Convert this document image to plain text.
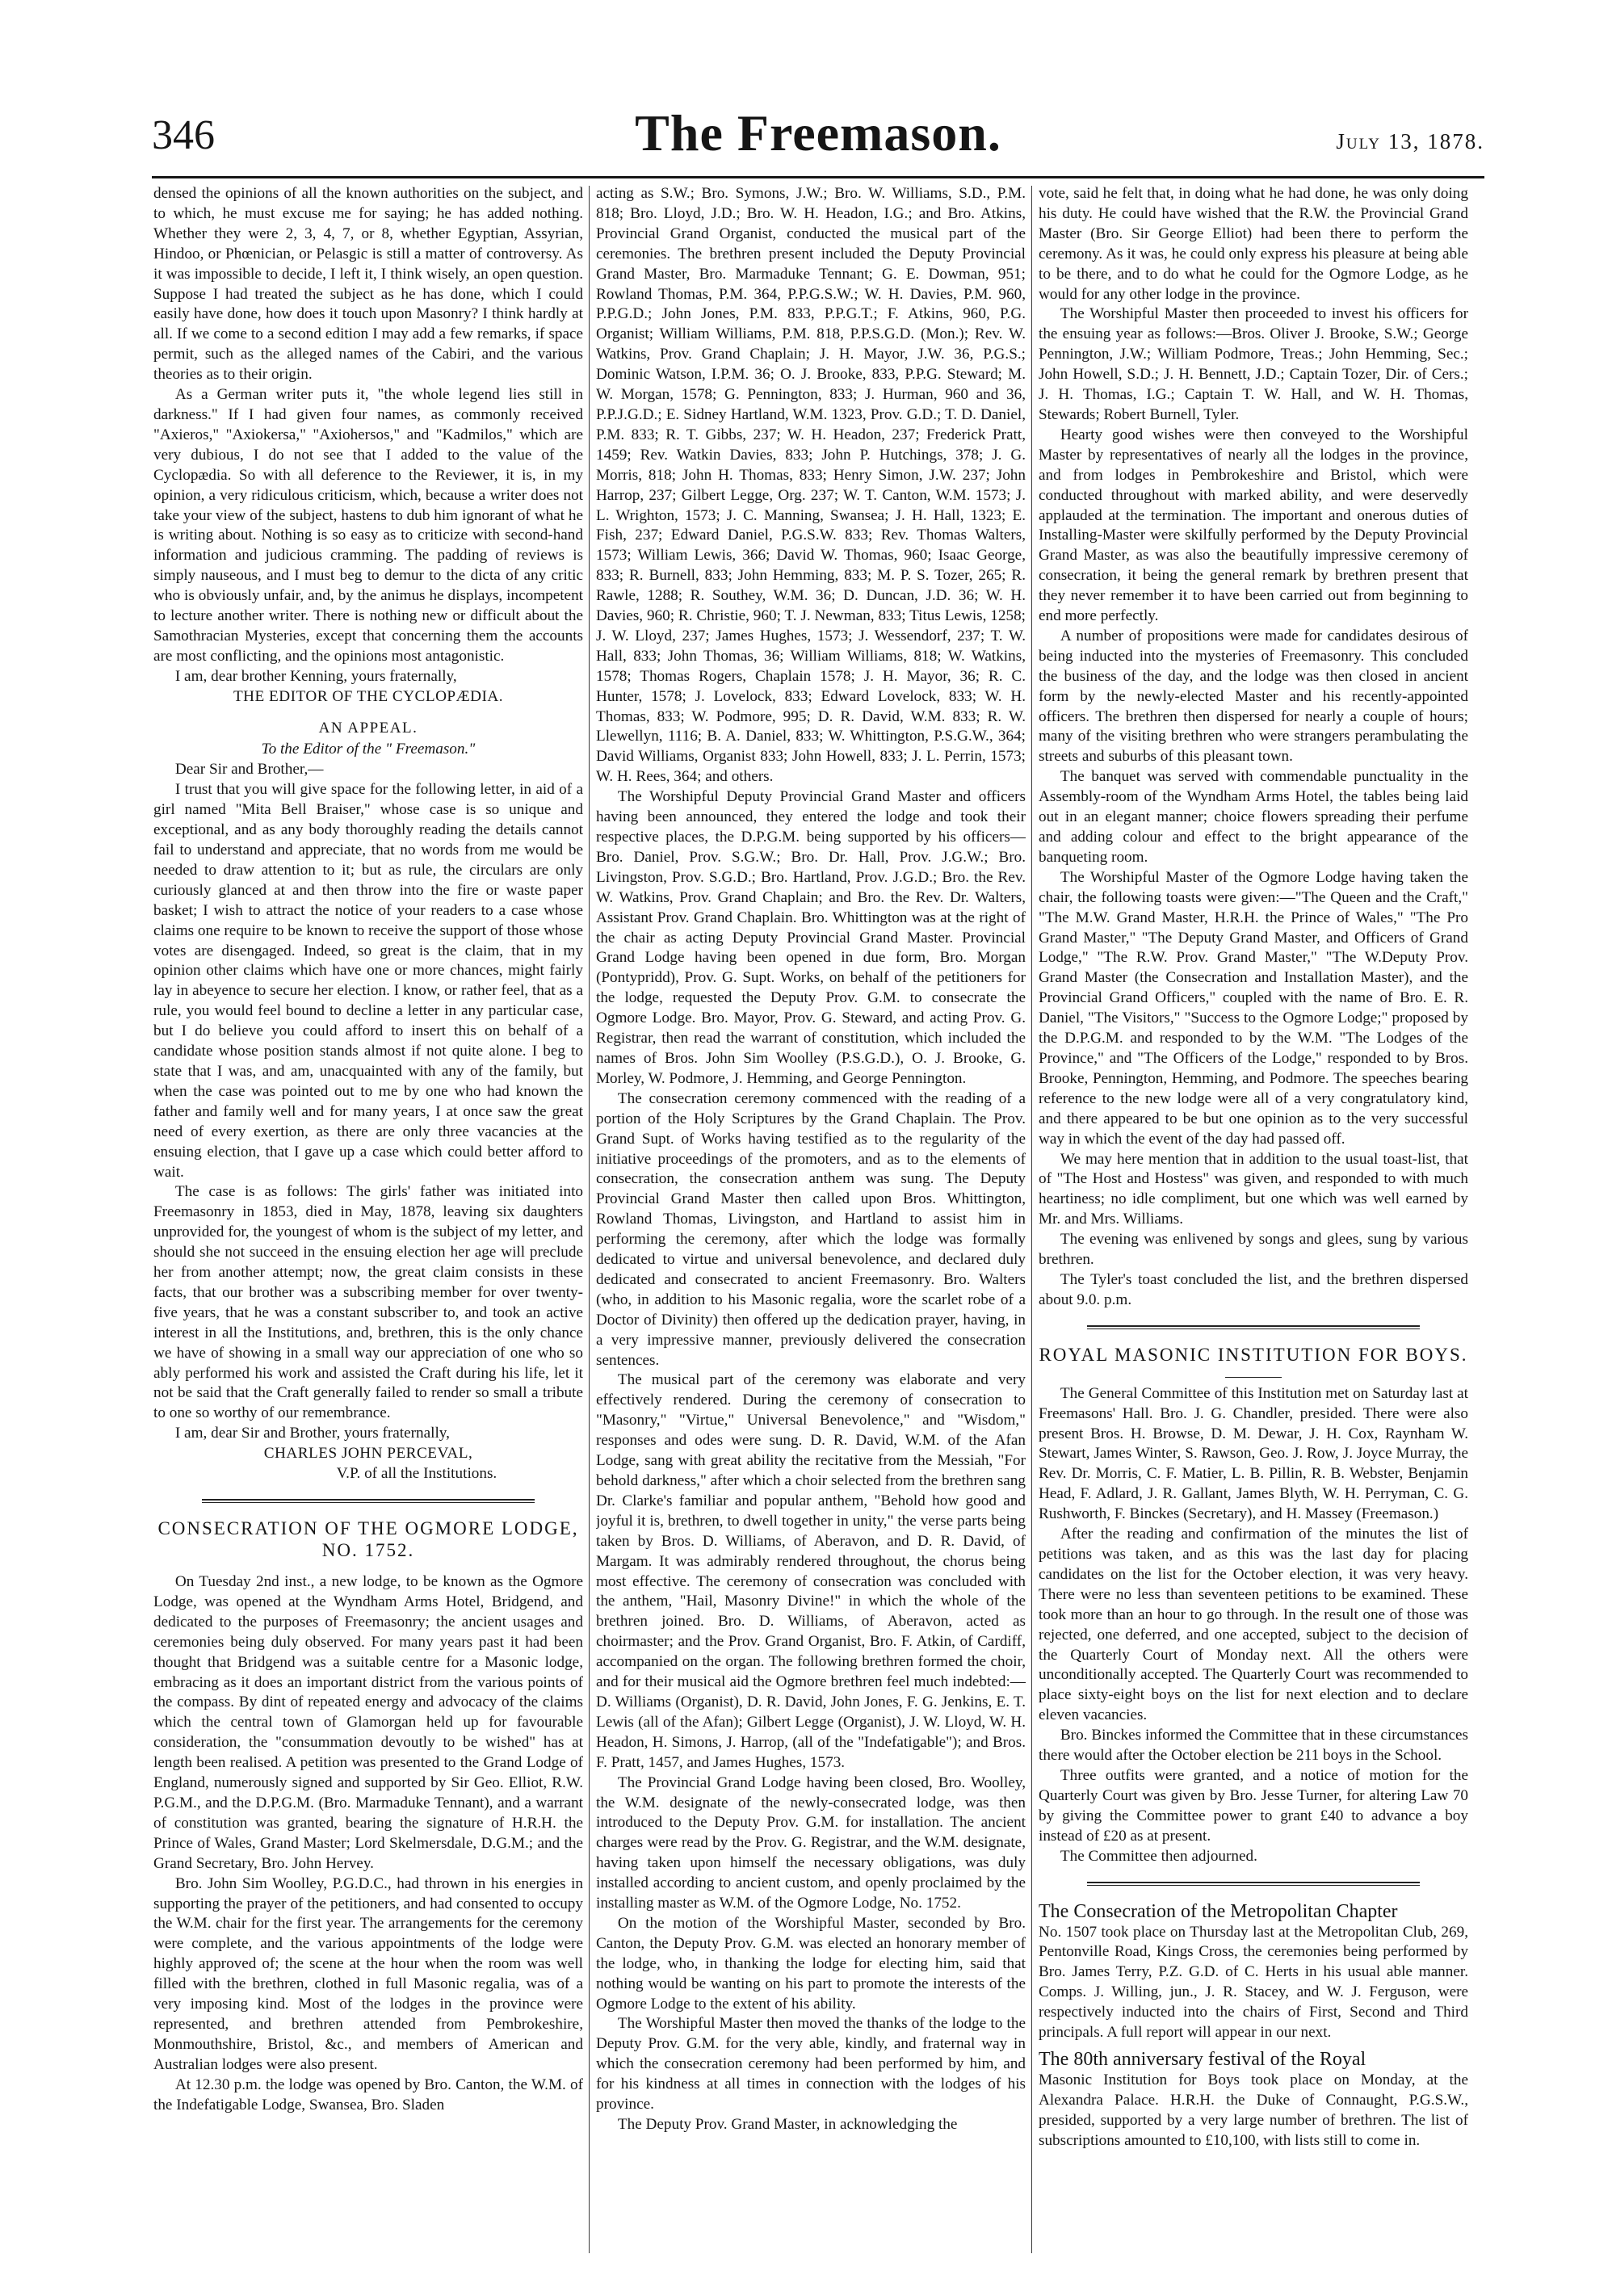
346	The Freemason.	July 13, 1878.

densed the opinions of all the known authorities on the subject, and to which, he must excuse me for saying; he has added nothing. Whether they were 2, 3, 4, 7, or 8, whether Egyptian, Assyrian, Hindoo, or Phœnician, or Pelasgic is still a matter of controversy. As it was impossible to decide, I left it, I think wisely, an open question. Suppose I had treated the subject as he has done, which I could easily have done, how does it touch upon Masonry? I think hardly at all. If we come to a second edition I may add a few remarks, if space permit, such as the alleged names of the Cabiri, and the various theories as to their origin.

As a German writer puts it, "the whole legend lies still in darkness." If I had given four names, as commonly received "Axieros," "Axiokersa," "Axiohersos," and "Kadmilos," which are very dubious, I do not see that I added to the value of the Cyclopædia. So with all deference to the Reviewer, it is, in my opinion, a very ridiculous criticism, which, because a writer does not take your view of the subject, hastens to dub him ignorant of what he is writing about. Nothing is so easy as to criticize with second-hand information and judicious cramming. The padding of reviews is simply nauseous, and I must beg to demur to the dicta of any critic who is obviously unfair, and, by the animus he displays, incompetent to lecture another writer. There is nothing new or difficult about the Samothracian Mysteries, except that concerning them the accounts are most conflicting, and the opinions most antagonistic.

I am, dear brother Kenning, yours fraternally,

THE EDITOR OF THE CYCLOPÆDIA.

AN APPEAL.

To the Editor of the " Freemason."

Dear Sir and Brother,—

I trust that you will give space for the following letter, in aid of a girl named "Mita Bell Braiser," whose case is so unique and exceptional, and as any body thoroughly reading the details cannot fail to understand and appreciate, that no words from me would be needed to draw attention to it; but as rule, the circulars are only curiously glanced at and then throw into the fire or waste paper basket; I wish to attract the notice of your readers to a case whose claims one require to be known to receive the support of those whose votes are disengaged. Indeed, so great is the claim, that in my opinion other claims which have one or more chances, might fairly lay in abeyence to secure her election. I know, or rather feel, that as a rule, you would feel bound to decline a letter in any particular case, but I do believe you could afford to insert this on behalf of a candidate whose position stands almost if not quite alone. I beg to state that I was, and am, unacquainted with any of the family, but when the case was pointed out to me by one who had known the father and family well and for many years, I at once saw the great need of every exertion, as there are only three vacancies at the ensuing election, that I gave up a case which could better afford to wait.

The case is as follows: The girls' father was initiated into Freemasonry in 1853, died in May, 1878, leaving six daughters unprovided for, the youngest of whom is the subject of my letter, and should she not succeed in the ensuing election her age will preclude her from another attempt; now, the great claim consists in these facts, that our brother was a subscribing member for over twenty-five years, that he was a constant subscriber to, and took an active interest in all the Institutions, and, brethren, this is the only chance we have of showing in a small way our appreciation of one who so ably performed his work and assisted the Craft during his life, let it not be said that the Craft generally failed to render so small a tribute to one so worthy of our remembrance.

I am, dear Sir and Brother, yours fraternally,

CHARLES JOHN PERCEVAL,

V.P. of all the Institutions.

CONSECRATION OF THE OGMORE LODGE, NO. 1752.

On Tuesday 2nd inst., a new lodge, to be known as the Ogmore Lodge, was opened at the Wyndham Arms Hotel, Bridgend, and dedicated to the purposes of Freemasonry; the ancient usages and ceremonies being duly observed. For many years past it had been thought that Bridgend was a suitable centre for a Masonic lodge, embracing as it does an important district from the various points of the compass. By dint of repeated energy and advocacy of the claims which the central town of Glamorgan held up for favourable consideration, the "consummation devoutly to be wished" has at length been realised. A petition was presented to the Grand Lodge of England, numerously signed and supported by Sir Geo. Elliot, R.W. P.G.M., and the D.P.G.M. (Bro. Marmaduke Tennant), and a warrant of constitution was granted, bearing the signature of H.R.H. the Prince of Wales, Grand Master; Lord Skelmersdale, D.G.M.; and the Grand Secretary, Bro. John Hervey.

Bro. John Sim Woolley, P.G.D.C., had thrown in his energies in supporting the prayer of the petitioners, and had consented to occupy the W.M. chair for the first year. The arrangements for the ceremony were complete, and the various appointments of the lodge were highly approved of; the scene at the hour when the room was well filled with the brethren, clothed in full Masonic regalia, was of a very imposing kind. Most of the lodges in the province were represented, and brethren attended from Pembrokeshire, Monmouthshire, Bristol, &c., and members of American and Australian lodges were also present.

At 12.30 p.m. the lodge was opened by Bro. Canton, the W.M. of the Indefatigable Lodge, Swansea, Bro. Sladen

acting as S.W.; Bro. Symons, J.W.; Bro. W. Williams, S.D., P.M. 818; Bro. Lloyd, J.D.; Bro. W. H. Headon, I.G.; and Bro. Atkins, Provincial Grand Organist, conducted the musical part of the ceremonies. The brethren present included the Deputy Provincial Grand Master, Bro. Marmaduke Tennant; G. E. Dowman, 951; Rowland Thomas, P.M. 364, P.P.G.S.W.; W. H. Davies, P.M. 960, P.P.G.D.; John Jones, P.M. 833, P.P.G.T.; F. Atkins, 960, P.G. Organist; William Williams, P.M. 818, P.P.S.G.D. (Mon.); Rev. W. Watkins, Prov. Grand Chaplain; J. H. Mayor, J.W. 36, P.G.S.; Dominic Watson, I.P.M. 36; O. J. Brooke, 833, P.P.G. Steward; M. W. Morgan, 1578; G. Pennington, 833; J. Hurman, 960 and 36, P.P.J.G.D.; E. Sidney Hartland, W.M. 1323, Prov. G.D.; T. D. Daniel, P.M. 833; R. T. Gibbs, 237; W. H. Headon, 237; Frederick Pratt, 1459; Rev. Watkin Davies, 833; John P. Hutchings, 378; J. G. Morris, 818; John H. Thomas, 833; Henry Simon, J.W. 237; John Harrop, 237; Gilbert Legge, Org. 237; W. T. Canton, W.M. 1573; J. L. Wrighton, 1573; J. C. Manning, Swansea; J. H. Hall, 1323; E. Fish, 237; Edward Daniel, P.G.S.W. 833; Rev. Thomas Walters, 1573; William Lewis, 366; David W. Thomas, 960; Isaac George, 833; R. Burnell, 833; John Hemming, 833; M. P. S. Tozer, 265; R. Rawle, 1288; R. Southey, W.M. 36; D. Duncan, J.D. 36; W. H. Davies, 960; R. Christie, 960; T. J. Newman, 833; Titus Lewis, 1258; J. W. Lloyd, 237; James Hughes, 1573; J. Wessendorf, 237; T. W. Hall, 833; John Thomas, 36; William Williams, 818; W. Watkins, 1578; Thomas Rogers, Chaplain 1578; J. H. Mayor, 36; R. C. Hunter, 1578; J. Lovelock, 833; Edward Lovelock, 833; W. H. Thomas, 833; W. Podmore, 995; D. R. David, W.M. 833; R. W. Llewellyn, 1116; B. A. Daniel, 833; W. Whittington, P.S.G.W., 364; David Williams, Organist 833; John Howell, 833; J. L. Perrin, 1573; W. H. Rees, 364; and others.

The Worshipful Deputy Provincial Grand Master and officers having been announced, they entered the lodge and took their respective places, the D.P.G.M. being supported by his officers—Bro. Daniel, Prov. S.G.W.; Bro. Dr. Hall, Prov. J.G.W.; Bro. Livingston, Prov. S.G.D.; Bro. Hartland, Prov. J.G.D.; Bro. the Rev. W. Watkins, Prov. Grand Chaplain; and Bro. the Rev. Dr. Walters, Assistant Prov. Grand Chaplain. Bro. Whittington was at the right of the chair as acting Deputy Provincial Grand Master. Provincial Grand Lodge having been opened in due form, Bro. Morgan (Pontypridd), Prov. G. Supt. Works, on behalf of the petitioners for the lodge, requested the Deputy Prov. G.M. to consecrate the Ogmore Lodge. Bro. Mayor, Prov. G. Steward, and acting Prov. G. Registrar, then read the warrant of constitution, which included the names of Bros. John Sim Woolley (P.S.G.D.), O. J. Brooke, G. Morley, W. Podmore, J. Hemming, and George Pennington.

The consecration ceremony commenced with the reading of a portion of the Holy Scriptures by the Grand Chaplain. The Prov. Grand Supt. of Works having testified as to the regularity of the initiative proceedings of the promoters, and as to the elements of consecration, the consecration anthem was sung. The Deputy Provincial Grand Master then called upon Bros. Whittington, Rowland Thomas, Livingston, and Hartland to assist him in performing the ceremony, after which the lodge was formally dedicated to virtue and universal benevolence, and declared duly dedicated and consecrated to ancient Freemasonry. Bro. Walters (who, in addition to his Masonic regalia, wore the scarlet robe of a Doctor of Divinity) then offered up the dedication prayer, having, in a very impressive manner, previously delivered the consecration sentences.

The musical part of the ceremony was elaborate and very effectively rendered. During the ceremony of consecration to "Masonry," "Virtue," Universal Benevolence," and "Wisdom," responses and odes were sung. D. R. David, W.M. of the Afan Lodge, sang with great ability the recitative from the Messiah, "For behold darkness," after which a choir selected from the brethren sang Dr. Clarke's familiar and popular anthem, "Behold how good and joyful it is, brethren, to dwell together in unity," the verse parts being taken by Bros. D. Williams, of Aberavon, and D. R. David, of Margam. It was admirably rendered throughout, the chorus being most effective. The ceremony of consecration was concluded with the anthem, "Hail, Masonry Divine!" in which the whole of the brethren joined. Bro. D. Williams, of Aberavon, acted as choirmaster; and the Prov. Grand Organist, Bro. F. Atkin, of Cardiff, accompanied on the organ. The following brethren formed the choir, and for their musical aid the Ogmore brethren feel much indebted:—D. Williams (Organist), D. R. David, John Jones, F. G. Jenkins, E. T. Lewis (all of the Afan); Gilbert Legge (Organist), J. W. Lloyd, W. H. Headon, H. Simons, J. Harrop, (all of the "Indefatigable"); and Bros. F. Pratt, 1457, and James Hughes, 1573.

The Provincial Grand Lodge having been closed, Bro. Woolley, the W.M. designate of the newly-consecrated lodge, was then introduced to the Deputy Prov. G.M. for installation. The ancient charges were read by the Prov. G. Registrar, and the W.M. designate, having taken upon himself the necessary obligations, was duly installed according to ancient custom, and openly proclaimed by the installing master as W.M. of the Ogmore Lodge, No. 1752.

On the motion of the Worshipful Master, seconded by Bro. Canton, the Deputy Prov. G.M. was elected an honorary member of the lodge, who, in thanking the lodge for electing him, said that nothing would be wanting on his part to promote the interests of the Ogmore Lodge to the extent of his ability.

The Worshipful Master then moved the thanks of the lodge to the Deputy Prov. G.M. for the very able, kindly, and fraternal way in which the consecration ceremony had been performed by him, and for his kindness at all times in connection with the lodges of his province.

The Deputy Prov. Grand Master, in acknowledging the

vote, said he felt that, in doing what he had done, he was only doing his duty. He could have wished that the R.W. the Provincial Grand Master (Bro. Sir George Elliot) had been there to perform the ceremony. As it was, he could only express his pleasure at being able to be there, and to do what he could for the Ogmore Lodge, as he would for any other lodge in the province.

The Worshipful Master then proceeded to invest his officers for the ensuing year as follows:—Bros. Oliver J. Brooke, S.W.; George Pennington, J.W.; William Podmore, Treas.; John Hemming, Sec.; John Howell, S.D.; J. H. Bennett, J.D.; Captain Tozer, Dir. of Cers.; J. H. Thomas, I.G.; Captain T. W. Hall, and W. H. Thomas, Stewards; Robert Burnell, Tyler.

Hearty good wishes were then conveyed to the Worshipful Master by representatives of nearly all the lodges in the province, and from lodges in Pembrokeshire and Bristol, which were conducted throughout with marked ability, and were deservedly applauded at the termination. The important and onerous duties of Installing-Master were skilfully performed by the Deputy Provincial Grand Master, as was also the beautifully impressive ceremony of consecration, it being the general remark by brethren present that they never remember it to have been carried out from beginning to end more perfectly.

A number of propositions were made for candidates desirous of being inducted into the mysteries of Freemasonry. This concluded the business of the day, and the lodge was then closed in ancient form by the newly-elected Master and his recently-appointed officers. The brethren then dispersed for nearly a couple of hours; many of the visiting brethren who were strangers perambulating the streets and suburbs of this pleasant town.

The banquet was served with commendable punctuality in the Assembly-room of the Wyndham Arms Hotel, the tables being laid out in an elegant manner; choice flowers spreading their perfume and adding colour and effect to the bright appearance of the banqueting room.

The Worshipful Master of the Ogmore Lodge having taken the chair, the following toasts were given:—"The Queen and the Craft," "The M.W. Grand Master, H.R.H. the Prince of Wales," "The Pro Grand Master," "The Deputy Grand Master, and Officers of Grand Lodge," "The R.W. Prov. Grand Master," "The W.Deputy Prov. Grand Master (the Consecration and Installation Master), and the Provincial Grand Officers," coupled with the name of Bro. E. R. Daniel, "The Visitors," "Success to the Ogmore Lodge;" proposed by the D.P.G.M. and responded to by the W.M. "The Lodges of the Province," and "The Officers of the Lodge," responded to by Bros. Brooke, Pennington, Hemming, and Podmore. The speeches bearing reference to the new lodge were all of a very congratulatory kind, and there appeared to be but one opinion as to the very successful way in which the event of the day had passed off.

We may here mention that in addition to the usual toast-list, that of "The Host and Hostess" was given, and responded to with much heartiness; no idle compliment, but one which was well earned by Mr. and Mrs. Williams.

The evening was enlivened by songs and glees, sung by various brethren.

The Tyler's toast concluded the list, and the brethren dispersed about 9.0. p.m.

ROYAL MASONIC INSTITUTION FOR BOYS.

The General Committee of this Institution met on Saturday last at Freemasons' Hall. Bro. J. G. Chandler, presided. There were also present Bros. H. Browse, D. M. Dewar, J. H. Cox, Raynham W. Stewart, James Winter, S. Rawson, Geo. J. Row, J. Joyce Murray, the Rev. Dr. Morris, C. F. Matier, L. B. Pillin, R. B. Webster, Benjamin Head, F. Adlard, J. R. Gallant, James Blyth, W. H. Perryman, C. G. Rushworth, F. Binckes (Secretary), and H. Massey (Freemason.)

After the reading and confirmation of the minutes the list of petitions was taken, and as this was the last day for placing candidates on the list for the October election, it was very heavy. There were no less than seventeen petitions to be examined. These took more than an hour to go through. In the result one of those was rejected, one deferred, and one accepted, subject to the decision of the Quarterly Court of Monday next. All the others were unconditionally accepted. The Quarterly Court was recommended to place sixty-eight boys on the list for next election and to declare eleven vacancies.

Bro. Binckes informed the Committee that in these circumstances there would after the October election be 211 boys in the School.

Three outfits were granted, and a notice of motion for the Quarterly Court was given by Bro. Jesse Turner, for altering Law 70 by giving the Committee power to grant £40 to advance a boy instead of £20 as at present.

The Committee then adjourned.

The Consecration of the Metropolitan Chapter

No. 1507 took place on Thursday last at the Metropolitan Club, 269, Pentonville Road, Kings Cross, the ceremonies being performed by Bro. James Terry, P.Z. G.D. of C. Herts in his usual able manner. Comps. J. Willing, jun., J. R. Stacey, and W. J. Ferguson, were respectively inducted into the chairs of First, Second and Third principals. A full report will appear in our next.

The 80th anniversary festival of the Royal

Masonic Institution for Boys took place on Monday, at the Alexandra Palace. H.R.H. the Duke of Connaught, P.G.S.W., presided, supported by a very large number of brethren. The list of subscriptions amounted to £10,100, with lists still to come in.
